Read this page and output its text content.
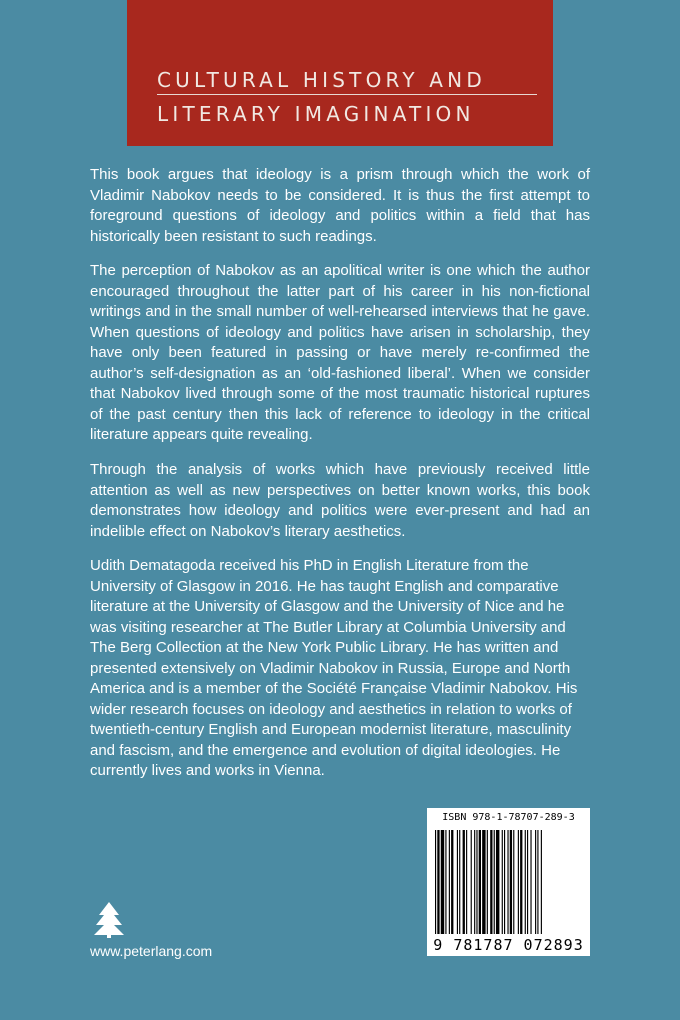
CULTURAL HISTORY AND
LITERARY IMAGINATION

This book argues that ideology is a prism through which the work of Vladimir Nabokov needs to be considered. It is thus the first attempt to foreground questions of ideology and politics within a field that has historically been resistant to such readings.

The perception of Nabokov as an apolitical writer is one which the author encouraged throughout the latter part of his career in his non-fictional writings and in the small number of well-rehearsed interviews that he gave. When questions of ideology and politics have arisen in scholarship, they have only been featured in passing or have merely re-confirmed the author’s self-designation as an ‘old-fashioned liberal’. When we consider that Nabokov lived through some of the most traumatic historical ruptures of the past century then this lack of reference to ideology in the critical literature appears quite revealing.

Through the analysis of works which have previously received little attention as well as new perspectives on better known works, this book demonstrates how ideology and politics were ever-present and had an indelible effect on Nabokov’s literary aesthetics.

Udith Dematagoda received his PhD in English Literature from the University of Glasgow in 2016. He has taught English and comparative literature at the University of Glasgow and the University of Nice and he was visiting researcher at The Butler Library at Columbia University and The Berg Collection at the New York Public Library. He has written and presented extensively on Vladimir Nabokov in Russia, Europe and North America and is a member of the Société Française Vladimir Nabokov. His wider research focuses on ideology and aesthetics in relation to works of twentieth-century English and European modernist literature, masculinity and fascism, and the emergence and evolution of digital ideologies. He currently lives and works in Vienna.

ISBN 978-1-78707-289-3
9 781787 072893
www.peterlang.com
